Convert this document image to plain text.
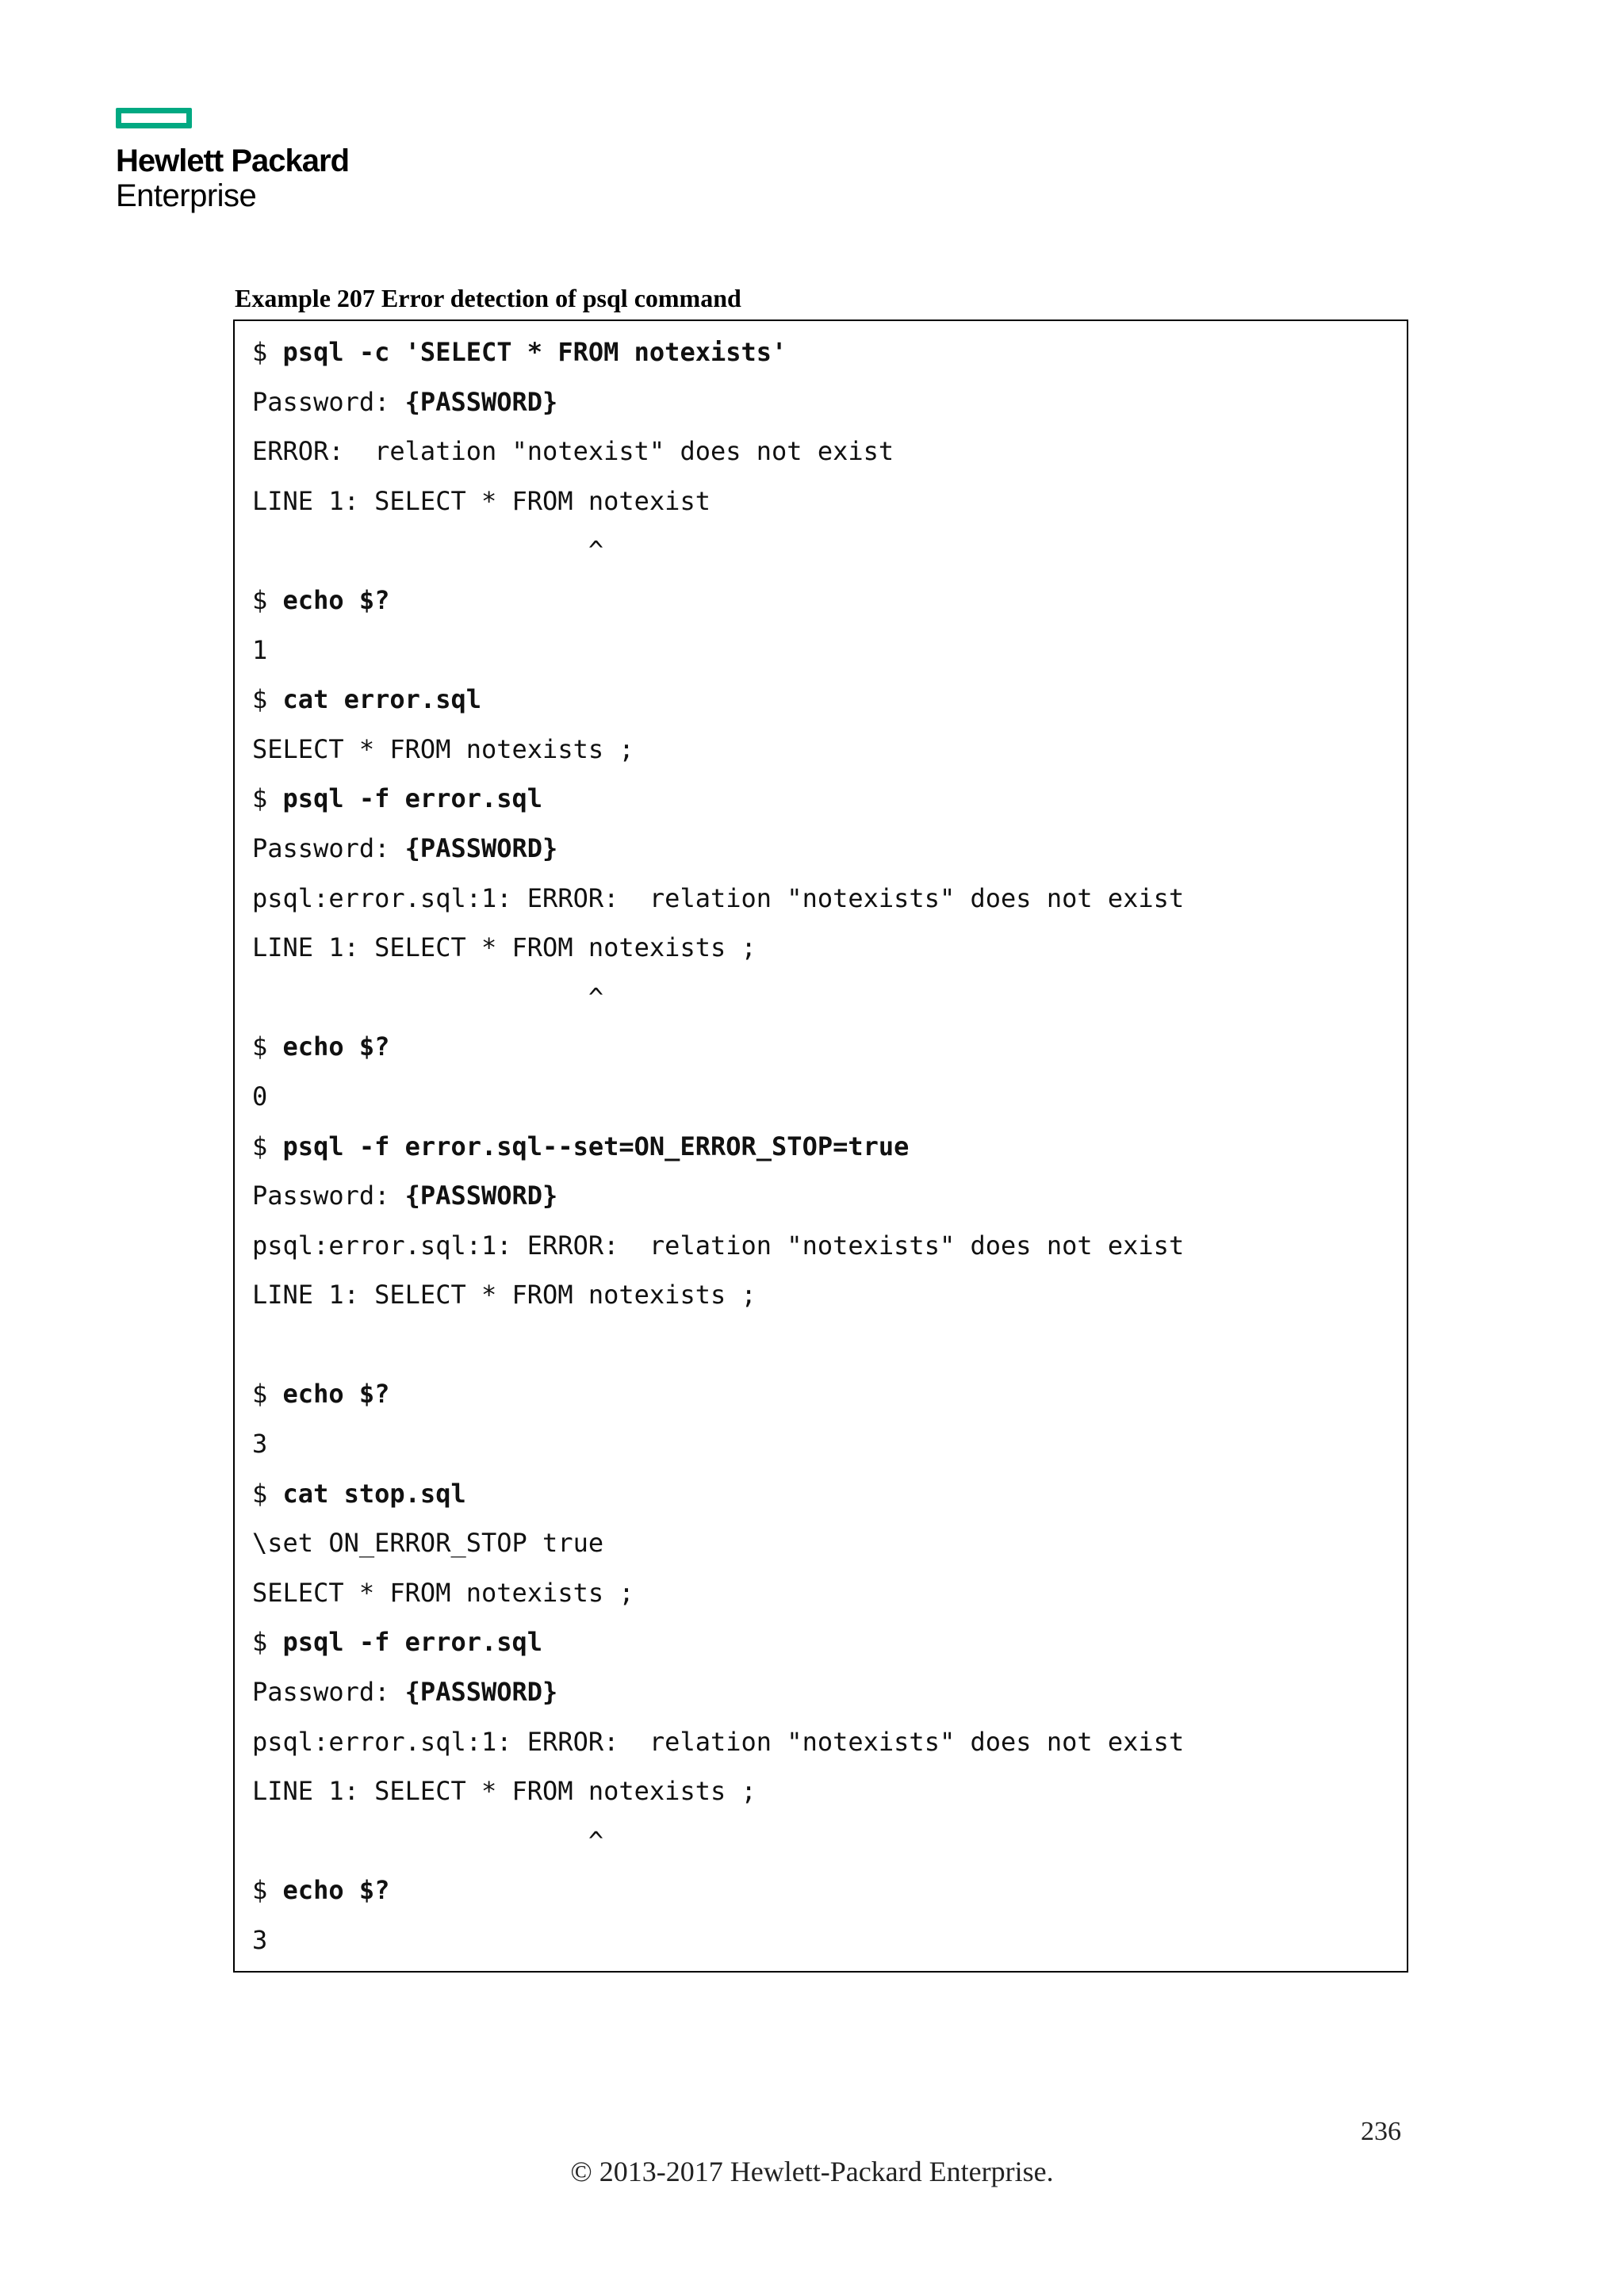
Hewlett Packard
Enterprise
Example 207 Error detection of psql command
$ psql -c 'SELECT * FROM notexists'
Password: {PASSWORD}
ERROR:  relation "notexist" does not exist
LINE 1: SELECT * FROM notexist
^
$ echo $?
1
$ cat error.sql
SELECT * FROM notexists ;
$ psql -f error.sql
Password: {PASSWORD}
psql:error.sql:1: ERROR:  relation "notexists" does not exist
LINE 1: SELECT * FROM notexists ;
^
$ echo $?
0
$ psql -f error.sql--set=ON_ERROR_STOP=true
Password: {PASSWORD}
psql:error.sql:1: ERROR:  relation "notexists" does not exist
LINE 1: SELECT * FROM notexists ;
$ echo $?
3
$ cat stop.sql
\set ON_ERROR_STOP true
SELECT * FROM notexists ;
$ psql -f error.sql
Password: {PASSWORD}
psql:error.sql:1: ERROR:  relation "notexists" does not exist
LINE 1: SELECT * FROM notexists ;
^
$ echo $?
3
236
© 2013-2017 Hewlett-Packard Enterprise.
